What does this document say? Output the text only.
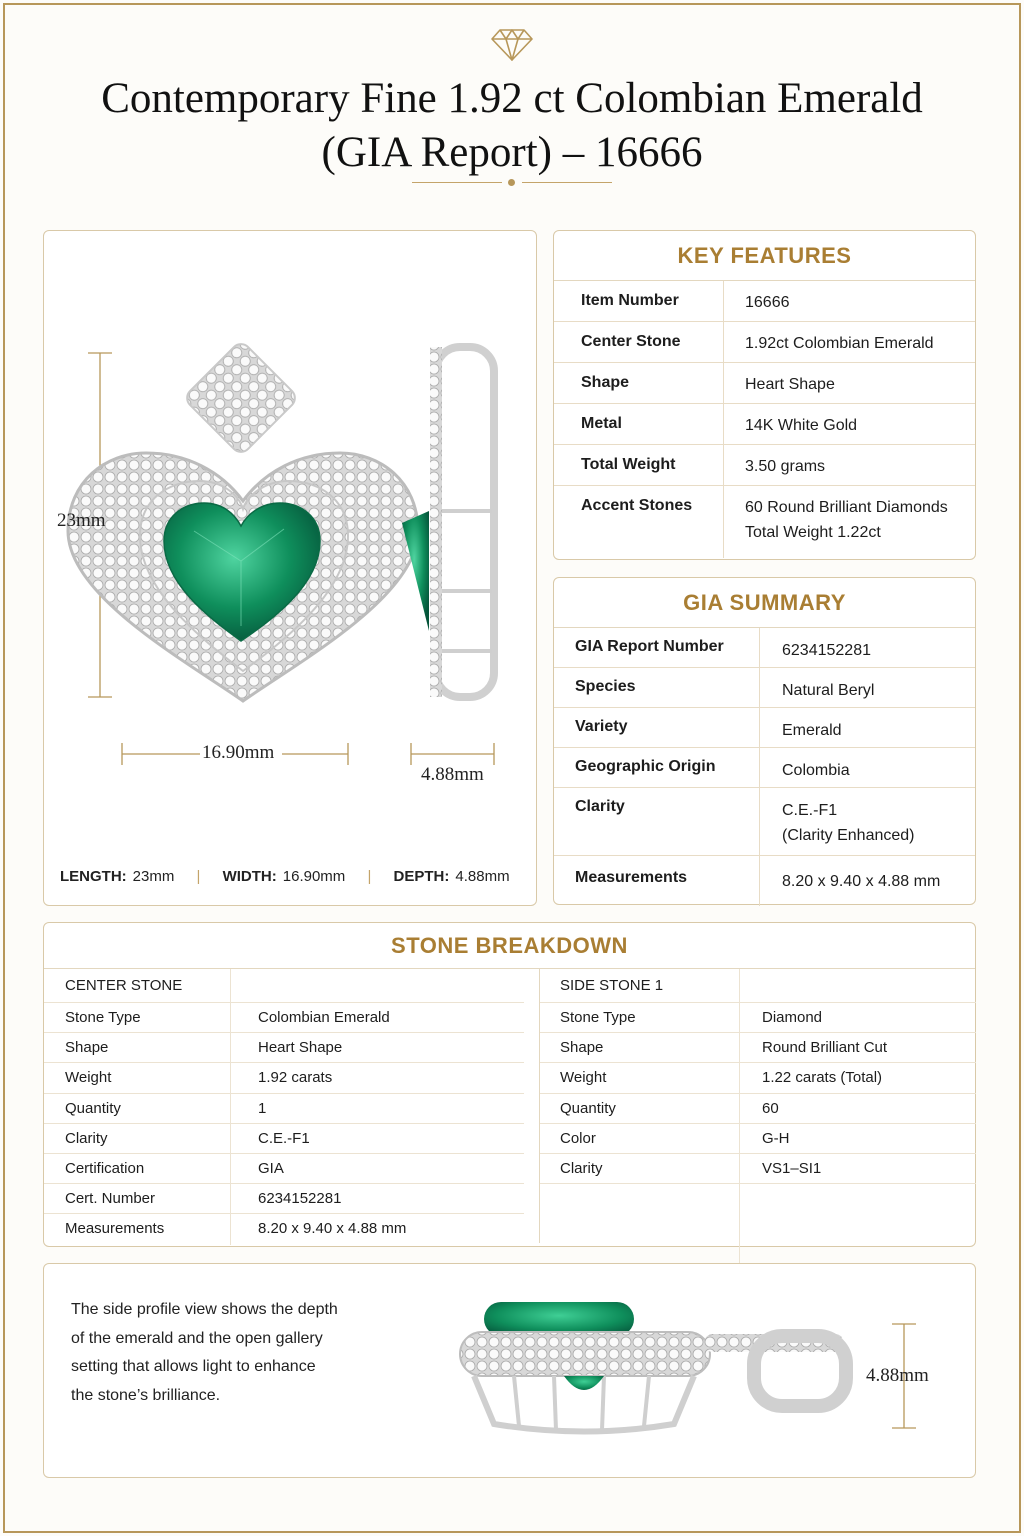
Contemporary Fine 1.92 ct Colombian Emerald
(GIA Report) – 16666
23mm
16.90mm
4.88mm
LENGTH: 23mm | WIDTH: 16.90mm | DEPTH: 4.88mm
KEY FEATURES
Item Number	16666
Center Stone	1.92ct Colombian Emerald
Shape	Heart Shape
Metal	14K White Gold
Total Weight	3.50 grams
Accent Stones	60 Round Brilliant Diamonds
Total Weight 1.22ct
GIA SUMMARY
GIA Report Number	6234152281
Species	Natural Beryl
Variety	Emerald
Geographic Origin	Colombia
Clarity	C.E.-F1
(Clarity Enhanced)
Measurements	8.20 x 9.40 x 4.88 mm
STONE BREAKDOWN
CENTER STONE
Stone Type	Colombian Emerald
Shape	Heart Shape
Weight	1.92 carats
Quantity	1
Clarity	C.E.-F1
Certification	GIA
Cert. Number	6234152281
Measurements	8.20 x 9.40 x 4.88 mm
SIDE STONE 1
Stone Type	Diamond
Shape	Round Brilliant Cut
Weight	1.22 carats (Total)
Quantity	60
Color	G-H
Clarity	VS1–SI1

The side profile view shows the depth of the emerald and the open gallery setting that allows light to enhance the stone’s brilliance.

4.88mm
